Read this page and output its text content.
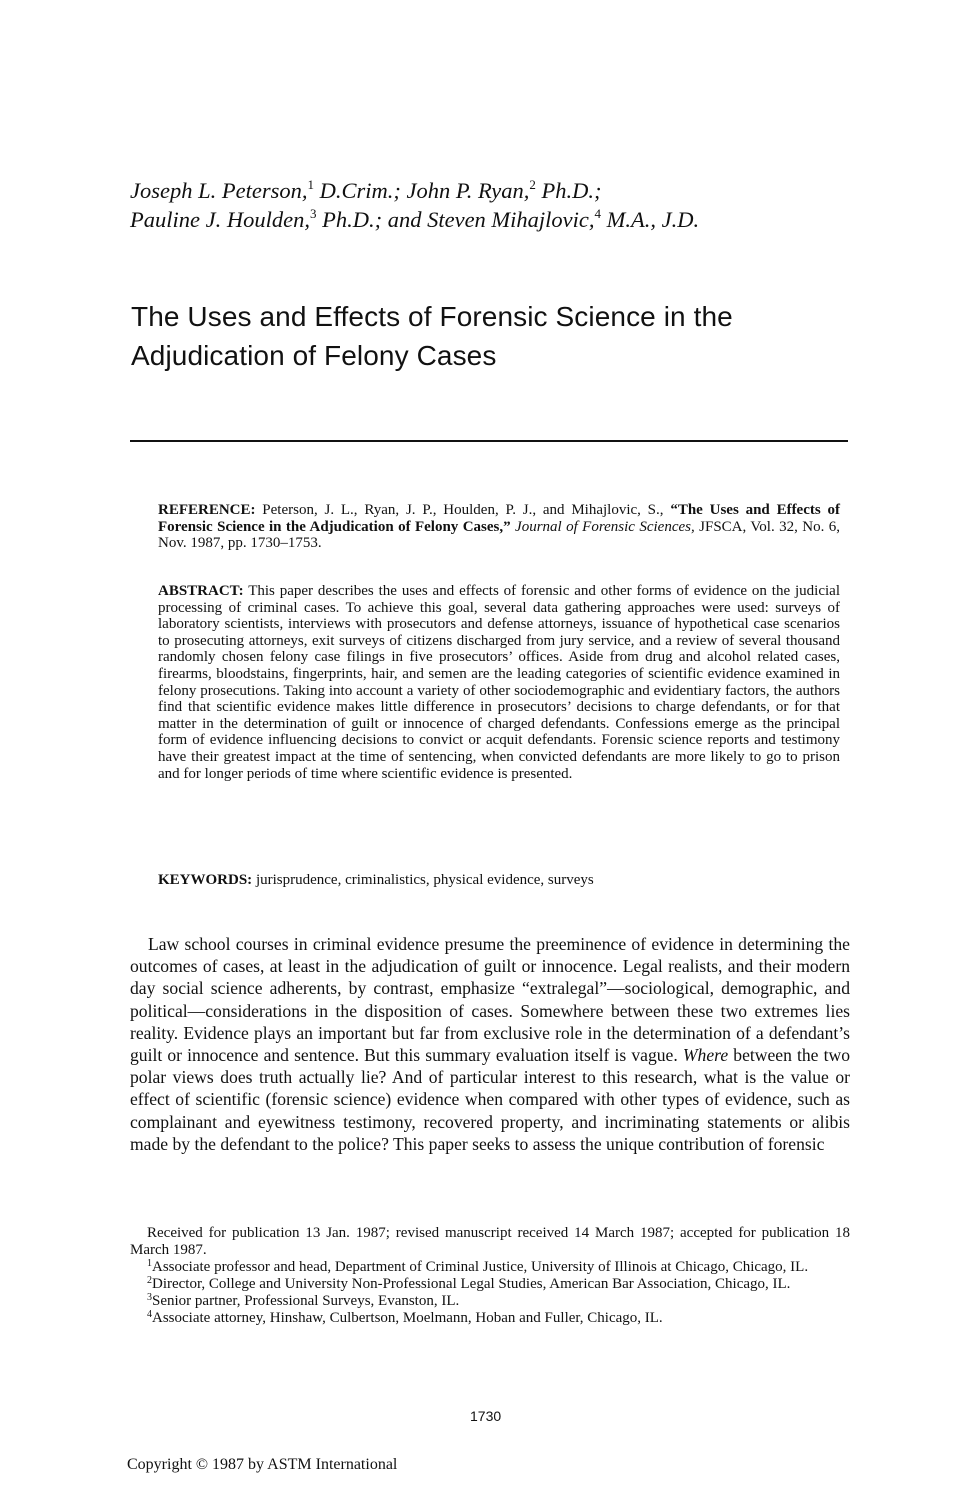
Joseph L. Peterson,$^1$ D.Crim.; John P. Ryan,$^2$ Ph.D.;
Pauline J. Houlden,$^3$ Ph.D.; and Steven Mihajlovic,$^4$ M.A., J.D.
The Uses and Effects of Forensic Science in the
Adjudication of Felony Cases
REFERENCE: Peterson, J. L., Ryan, J. P., Houlden, P. J., and Mihajlovic, S., “The Uses and Effects of Forensic Science in the Adjudication of Felony Cases,” Journal of Forensic Sciences, JFSCA, Vol. 32, No. 6, Nov. 1987, pp. 1730–1753.
ABSTRACT: This paper describes the uses and effects of forensic and other forms of evidence on the judicial processing of criminal cases. To achieve this goal, several data gathering approaches were used: surveys of laboratory scientists, interviews with prosecutors and defense attorneys, issuance of hypothetical case scenarios to prosecuting attorneys, exit surveys of citizens discharged from jury service, and a review of several thousand randomly chosen felony case filings in five prosecutors’ offices. Aside from drug and alcohol related cases, firearms, bloodstains, fingerprints, hair, and semen are the leading categories of scientific evidence examined in felony prosecutions. Taking into account a variety of other sociodemographic and evidentiary factors, the authors find that scientific evidence makes little difference in prosecutors’ decisions to charge defendants, or for that matter in the determination of guilt or innocence of charged defendants. Confessions emerge as the principal form of evidence influencing decisions to convict or acquit defendants. Forensic science reports and testimony have their greatest impact at the time of sentencing, when convicted defendants are more likely to go to prison and for longer periods of time where scientific evidence is presented.
KEYWORDS: jurisprudence, criminalistics, physical evidence, surveys
Law school courses in criminal evidence presume the preeminence of evidence in determining the outcomes of cases, at least in the adjudication of guilt or innocence. Legal realists, and their modern day social science adherents, by contrast, emphasize “extralegal”—sociological, demographic, and political—considerations in the disposition of cases. Somewhere between these two extremes lies reality. Evidence plays an important but far from exclusive role in the determination of a defendant’s guilt or innocence and sentence. But this summary evaluation itself is vague. Where between the two polar views does truth actually lie? And of particular interest to this research, what is the value or effect of scientific (forensic science) evidence when compared with other types of evidence, such as complainant and eyewitness testimony, recovered property, and incriminating statements or alibis made by the defendant to the police? This paper seeks to assess the unique contribution of forensic

Received for publication 13 Jan. 1987; revised manuscript received 14 March 1987; accepted for publication 18 March 1987.

$^1$Associate professor and head, Department of Criminal Justice, University of Illinois at Chicago, Chicago, IL.

$^2$Director, College and University Non-Professional Legal Studies, American Bar Association, Chicago, IL.

$^3$Senior partner, Professional Surveys, Evanston, IL.

$^4$Associate attorney, Hinshaw, Culbertson, Moelmann, Hoban and Fuller, Chicago, IL.

1730
Copyright © 1987 by ASTM International
